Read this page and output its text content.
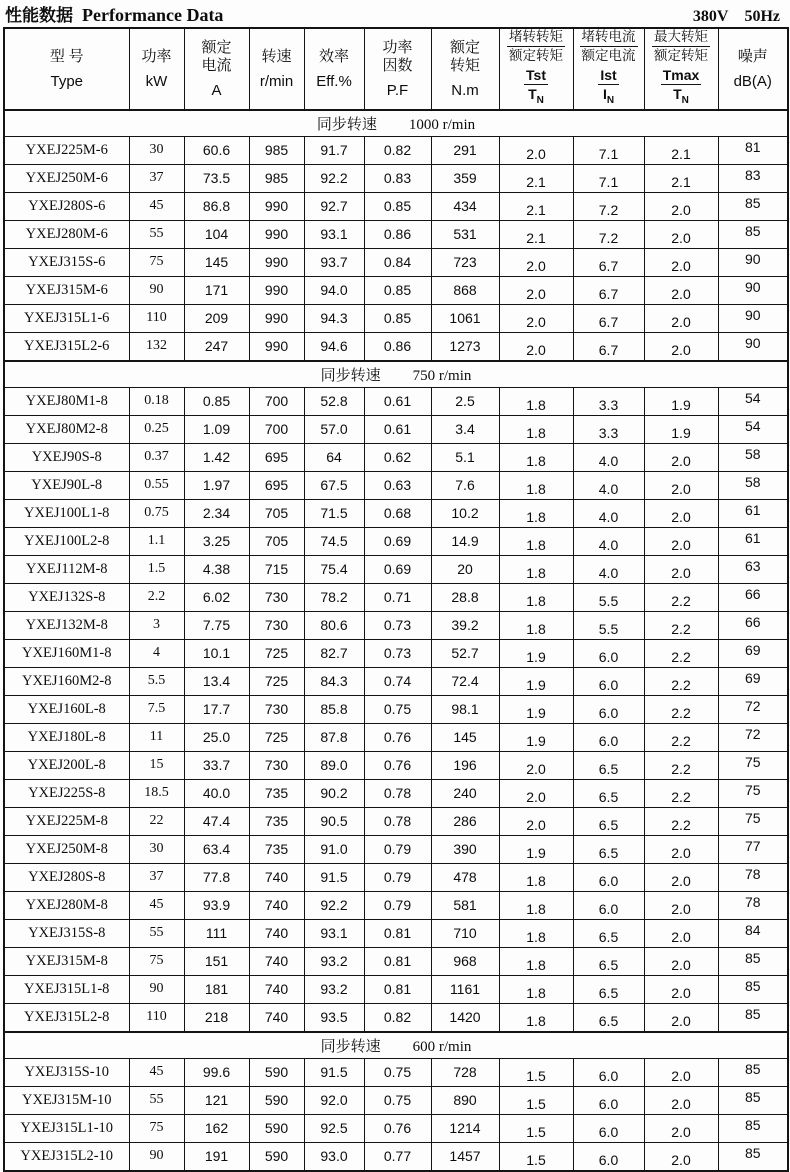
性能数据 Performance Data	380V 50Hz
型 号
Type

功率
kW

额定
电流
A

转速
r/min

效率
Eff.%

功率
因数
P.F

额定
转矩
N.m

$\frac{\text{堵转转矩}}{\text{额定转矩}}$
$\frac{\text{Tst}}{T_N}$

$\frac{\text{堵转电流}}{\text{额定电流}}$
$\frac{\text{Ist}}{I_N}$

$\frac{\text{最大转矩}}{\text{额定转矩}}$
$\frac{Tmax}{T_N}$

噪声
dB(A)

同步转速 1000 r/min										
YXEJ225M-6	30	60.6	985	91.7	0.82	291	2.0	7.1	2.1	81
YXEJ250M-6	37	73.5	985	92.2	0.83	359	2.1	7.1	2.1	83
YXEJ280S-6	45	86.8	990	92.7	0.85	434	2.1	7.2	2.0	85
YXEJ280M-6	55	104	990	93.1	0.86	531	2.1	7.2	2.0	85
YXEJ315S-6	75	145	990	93.7	0.84	723	2.0	6.7	2.0	90
YXEJ315M-6	90	171	990	94.0	0.85	868	2.0	6.7	2.0	90
YXEJ315L1-6	110	209	990	94.3	0.85	1061	2.0	6.7	2.0	90
YXEJ315L2-6	132	247	990	94.6	0.86	1273	2.0	6.7	2.0	90
同步转速 750 r/min										
YXEJ80M1-8	0.18	0.85	700	52.8	0.61	2.5	1.8	3.3	1.9	54
YXEJ80M2-8	0.25	1.09	700	57.0	0.61	3.4	1.8	3.3	1.9	54
YXEJ90S-8	0.37	1.42	695	64	0.62	5.1	1.8	4.0	2.0	58
YXEJ90L-8	0.55	1.97	695	67.5	0.63	7.6	1.8	4.0	2.0	58
YXEJ100L1-8	0.75	2.34	705	71.5	0.68	10.2	1.8	4.0	2.0	61
YXEJ100L2-8	1.1	3.25	705	74.5	0.69	14.9	1.8	4.0	2.0	61
YXEJ112M-8	1.5	4.38	715	75.4	0.69	20	1.8	4.0	2.0	63
YXEJ132S-8	2.2	6.02	730	78.2	0.71	28.8	1.8	5.5	2.2	66
YXEJ132M-8	3	7.75	730	80.6	0.73	39.2	1.8	5.5	2.2	66
YXEJ160M1-8	4	10.1	725	82.7	0.73	52.7	1.9	6.0	2.2	69
YXEJ160M2-8	5.5	13.4	725	84.3	0.74	72.4	1.9	6.0	2.2	69
YXEJ160L-8	7.5	17.7	730	85.8	0.75	98.1	1.9	6.0	2.2	72
YXEJ180L-8	11	25.0	725	87.8	0.76	145	1.9	6.0	2.2	72
YXEJ200L-8	15	33.7	730	89.0	0.76	196	2.0	6.5	2.2	75
YXEJ225S-8	18.5	40.0	735	90.2	0.78	240	2.0	6.5	2.2	75
YXEJ225M-8	22	47.4	735	90.5	0.78	286	2.0	6.5	2.2	75
YXEJ250M-8	30	63.4	735	91.0	0.79	390	1.9	6.5	2.0	77
YXEJ280S-8	37	77.8	740	91.5	0.79	478	1.8	6.0	2.0	78
YXEJ280M-8	45	93.9	740	92.2	0.79	581	1.8	6.0	2.0	78
YXEJ315S-8	55	111	740	93.1	0.81	710	1.8	6.5	2.0	84
YXEJ315M-8	75	151	740	93.2	0.81	968	1.8	6.5	2.0	85
YXEJ315L1-8	90	181	740	93.2	0.81	1161	1.8	6.5	2.0	85
YXEJ315L2-8	110	218	740	93.5	0.82	1420	1.8	6.5	2.0	85
同步转速 600 r/min										
YXEJ315S-10	45	99.6	590	91.5	0.75	728	1.5	6.0	2.0	85
YXEJ315M-10	55	121	590	92.0	0.75	890	1.5	6.0	2.0	85
YXEJ315L1-10	75	162	590	92.5	0.76	1214	1.5	6.0	2.0	85
YXEJ315L2-10	90	191	590	93.0	0.77	1457	1.5	6.0	2.0	85
